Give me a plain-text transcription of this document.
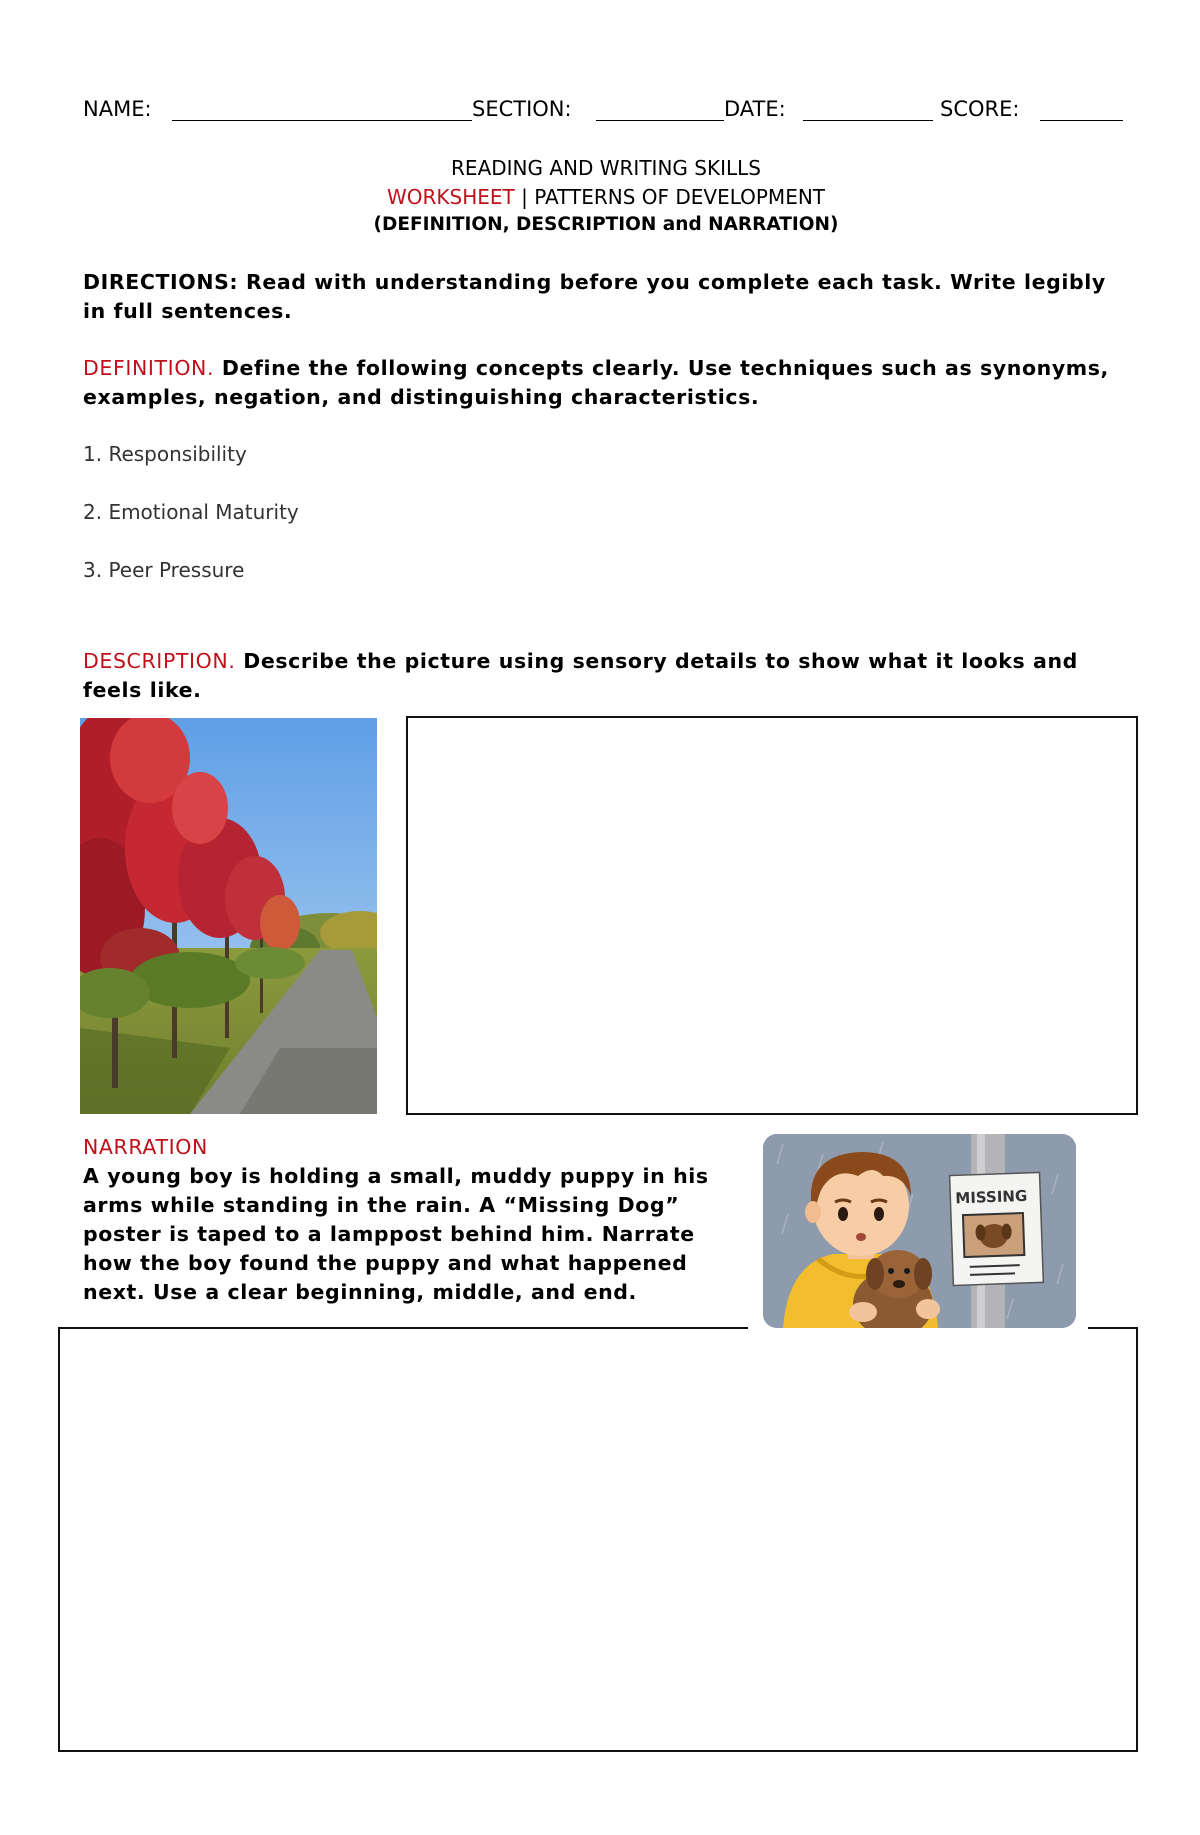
NAME:	SECTION:	DATE:	SCORE:
READING AND WRITING SKILLS
WORKSHEET | PATTERNS OF DEVELOPMENT
(DEFINITION, DESCRIPTION and NARRATION)
DIRECTIONS: Read with understanding before you complete each task. Write legibly in full sentences.
DEFINITION. Define the following concepts clearly. Use techniques such as synonyms, examples, negation, and distinguishing characteristics.
1. Responsibility
2. Emotional Maturity
3. Peer Pressure
DESCRIPTION. Describe the picture using sensory details to show what it looks and feels like.
NARRATION
A young boy is holding a small, muddy puppy in his arms while standing in the rain. A “Missing Dog” poster is taped to a lamppost behind him. Narrate how the boy found the puppy and what happened next. Use a clear beginning, middle, and end.
MISSING
